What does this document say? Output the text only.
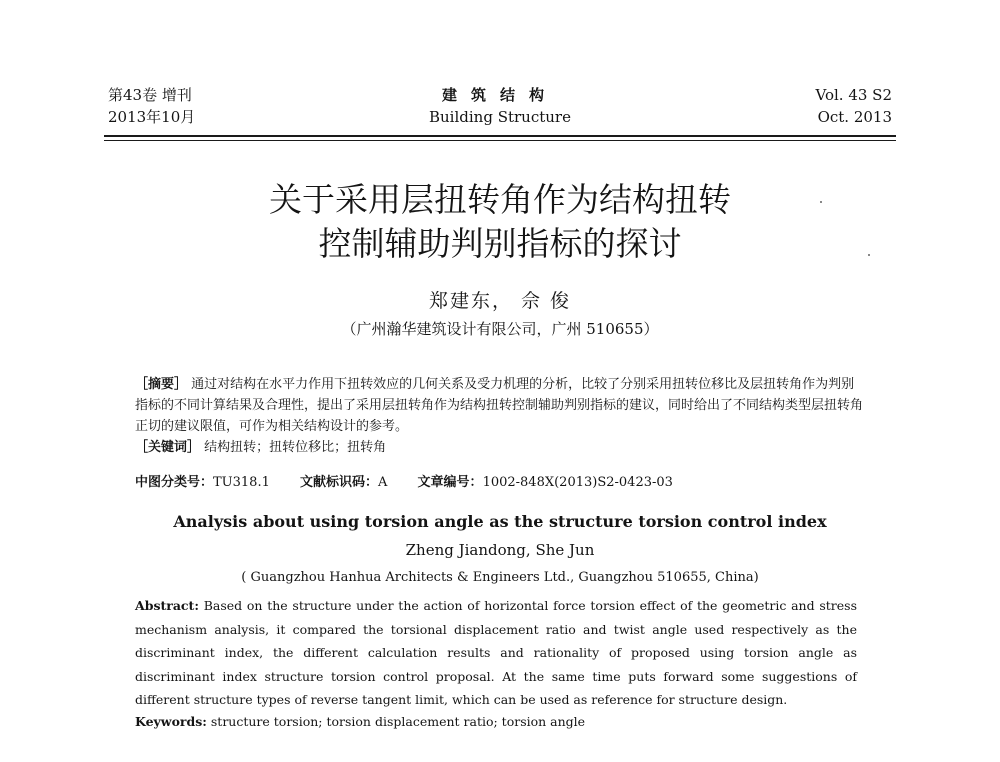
第43卷 增刊
2013年10月
建筑结构
Building Structure
Vol. 43 S2
Oct. 2013
关于采用层扭转角作为结构扭转
控制辅助判别指标的探讨
郑建东， 佘 俊
（广州瀚华建筑设计有限公司，广州 510655）

［摘要］ 通过对结构在水平力作用下扭转效应的几何关系及受力机理的分析，比较了分别采用扭转位移比及层扭转角作为判别指标的不同计算结果及合理性，提出了采用层扭转角作为结构扭转控制辅助判别指标的建议，同时给出了不同结构类型层扭转角正切的建议限值，可作为相关结构设计的参考。

［关键词］ 结构扭转；扭转位移比；扭转角

中图分类号：TU318.1 文献标识码：A 文章编号：1002-848X(2013)S2-0423-03
Analysis about using torsion angle as the structure torsion control index
Zheng Jiandong, She Jun
( Guangzhou Hanhua Architects & Engineers Ltd., Guangzhou 510655, China)
Abstract: Based on the structure under the action of horizontal force torsion effect of the geometric and stress mechanism analysis, it compared the torsional displacement ratio and twist angle used respectively as the discriminant index, the different calculation results and rationality of proposed using torsion angle as discriminant index structure torsion control proposal. At the same time puts forward some suggestions of different structure types of reverse tangent limit, which can be used as reference for structure design.
Keywords: structure torsion; torsion displacement ratio; torsion angle
